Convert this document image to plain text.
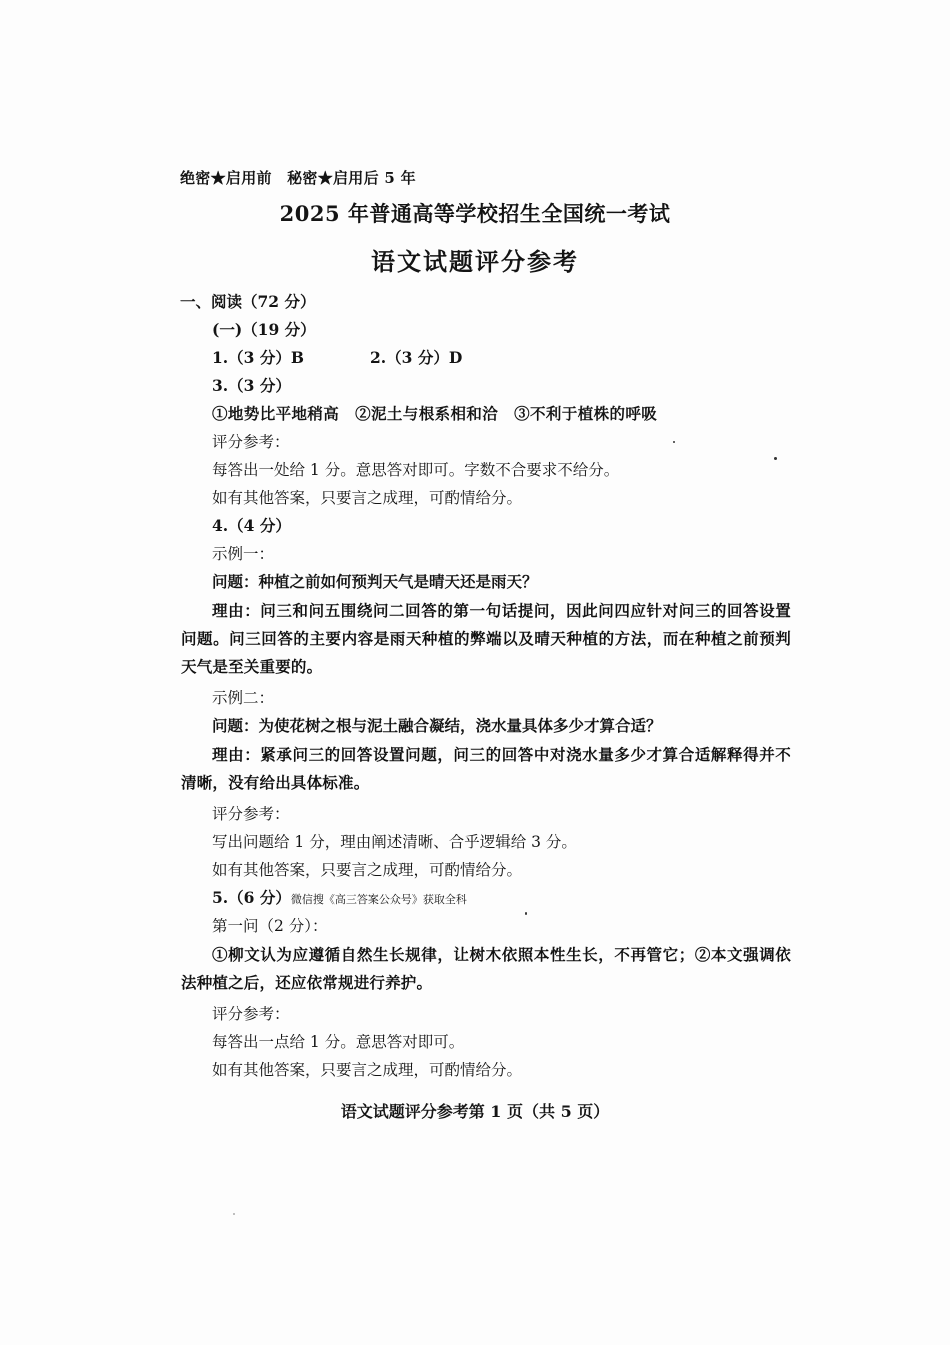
绝密★启用前　秘密★启用后 5 年
2025 年普通高等学校招生全国统一考试
语文试题评分参考
一、阅读（72 分）
(一)（19 分）
1.（3 分）B	2.（3 分）D
3.（3 分）
①地势比平地稍高　②泥土与根系相和洽　③不利于植株的呼吸
评分参考：
每答出一处给 1 分。意思答对即可。字数不合要求不给分。
如有其他答案，只要言之成理，可酌情给分。
4.（4 分）
示例一：
问题：种植之前如何预判天气是晴天还是雨天？
理由：问三和问五围绕问二回答的第一句话提问，因此问四应针对问三的回答设置问题。问三回答的主要内容是雨天种植的弊端以及晴天种植的方法，而在种植之前预判天气是至关重要的。
示例二：
问题：为使花树之根与泥土融合凝结，浇水量具体多少才算合适？
理由：紧承问三的回答设置问题，问三的回答中对浇水量多少才算合适解释得并不清晰，没有给出具体标准。
评分参考：
写出问题给 1 分，理由阐述清晰、合乎逻辑给 3 分。
如有其他答案，只要言之成理，可酌情给分。
5.（6 分）微信搜《高三答案公众号》获取全科
第一问（2 分）：
①柳文认为应遵循自然生长规律，让树木依照本性生长，不再管它；②本文强调依法种植之后，还应依常规进行养护。
评分参考：
每答出一点给 1 分。意思答对即可。
如有其他答案，只要言之成理，可酌情给分。
语文试题评分参考第 1 页（共 5 页）
